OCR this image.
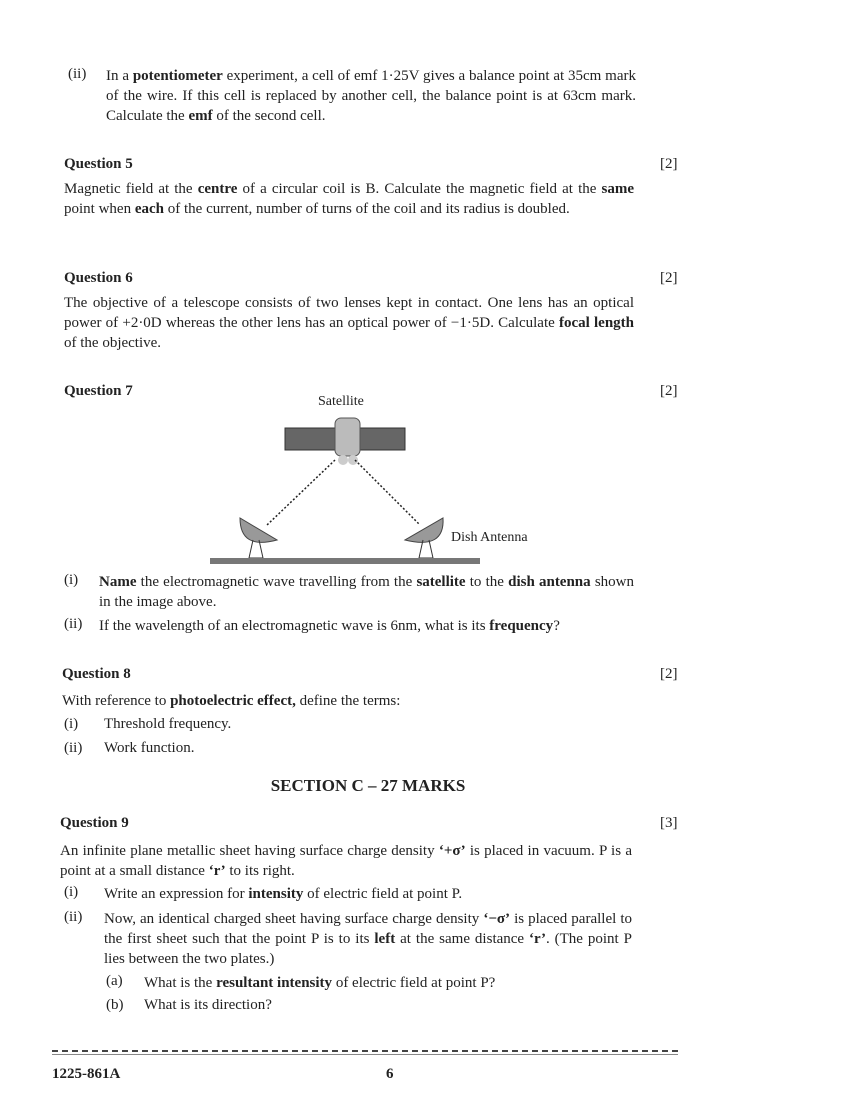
(ii) In a potentiometer experiment, a cell of emf 1·25V gives a balance point at 35cm mark of the wire. If this cell is replaced by another cell, the balance point is at 63cm mark. Calculate the emf of the second cell.
Question 5	[2]
Magnetic field at the centre of a circular coil is B. Calculate the magnetic field at the same point when each of the current, number of turns of the coil and its radius is doubled.
Question 6	[2]
The objective of a telescope consists of two lenses kept in contact. One lens has an optical power of +2·0D whereas the other lens has an optical power of −1·5D. Calculate focal length of the objective.
Question 7	[2]
Satellite
Dish Antenna
(i) Name the electromagnetic wave travelling from the satellite to the dish antenna shown in the image above.
(ii) If the wavelength of an electromagnetic wave is 6nm, what is its frequency?
Question 8	[2]
With reference to photoelectric effect, define the terms:
(i) Threshold frequency.
(ii) Work function.
SECTION C – 27 MARKS
Question 9	[3]
An infinite plane metallic sheet having surface charge density ‘+σ’ is placed in vacuum. P is a point at a small distance ‘r’ to its right.
(i) Write an expression for intensity of electric field at point P.
(ii) Now, an identical charged sheet having surface charge density ‘−σ’ is placed parallel to the first sheet such that the point P is to its left at the same distance ‘r’. (The point P lies between the two plates.)
(a) What is the resultant intensity of electric field at point P?
(b) What is its direction?
1225-861A	6
